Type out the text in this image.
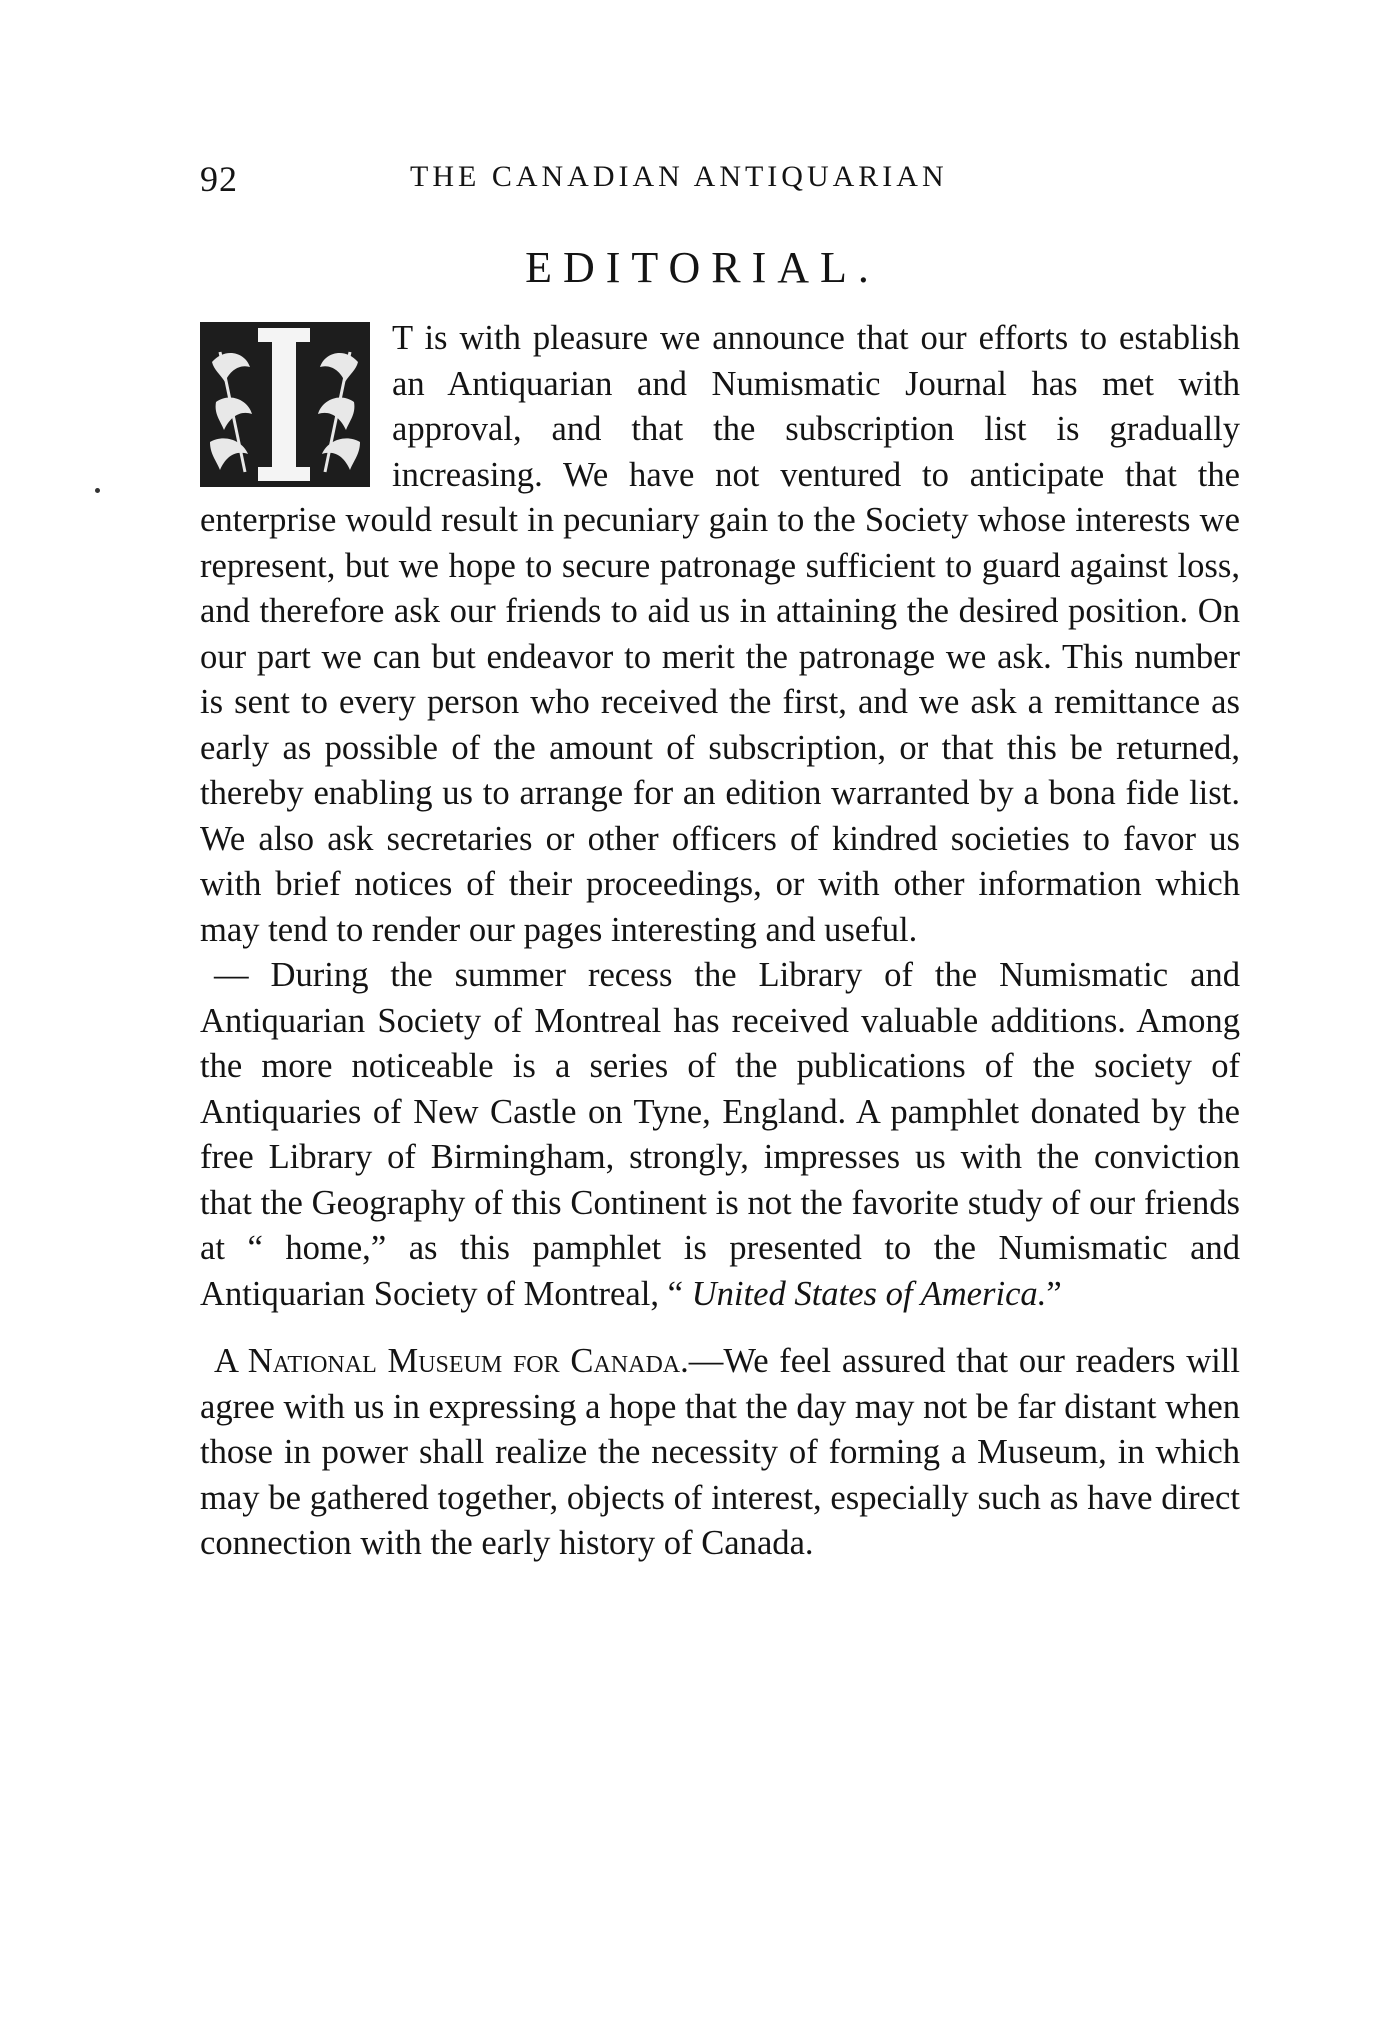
92	THE CANADIAN ANTIQUARIAN
EDITORIAL.

T is with pleasure we announce that our efforts to establish an Antiquarian and Numismatic Journal has met with approval, and that the subscription list is gradually increasing. We have not ventured to anticipate that the enterprise would result in pecuniary gain to the Society whose interests we represent, but we hope to secure patronage sufficient to guard against loss, and therefore ask our friends to aid us in attaining the desired position. On our part we can but endeavor to merit the patronage we ask. This number is sent to every person who received the first, and we ask a remittance as early as possible of the amount of subscription, or that this be returned, thereby enabling us to arrange for an edition warranted by a bona fide list. We also ask secretaries or other officers of kindred societies to favor us with brief notices of their proceedings, or with other information which may tend to render our pages interesting and useful.

— During the summer recess the Library of the Numismatic and Antiquarian Society of Montreal has received valuable additions. Among the more noticeable is a series of the publications of the society of Antiquaries of New Castle on Tyne, England. A pamphlet donated by the free Library of Birmingham, strongly, impresses us with the conviction that the Geography of this Continent is not the favorite study of our friends at “ home,” as this pamphlet is presented to the Numismatic and Antiquarian Society of Montreal, “ United States of America.”

A National Museum for Canada.—We feel assured that our readers will agree with us in expressing a hope that the day may not be far distant when those in power shall realize the necessity of forming a Museum, in which may be gathered together, objects of interest, especially such as have direct connection with the early history of Canada.
